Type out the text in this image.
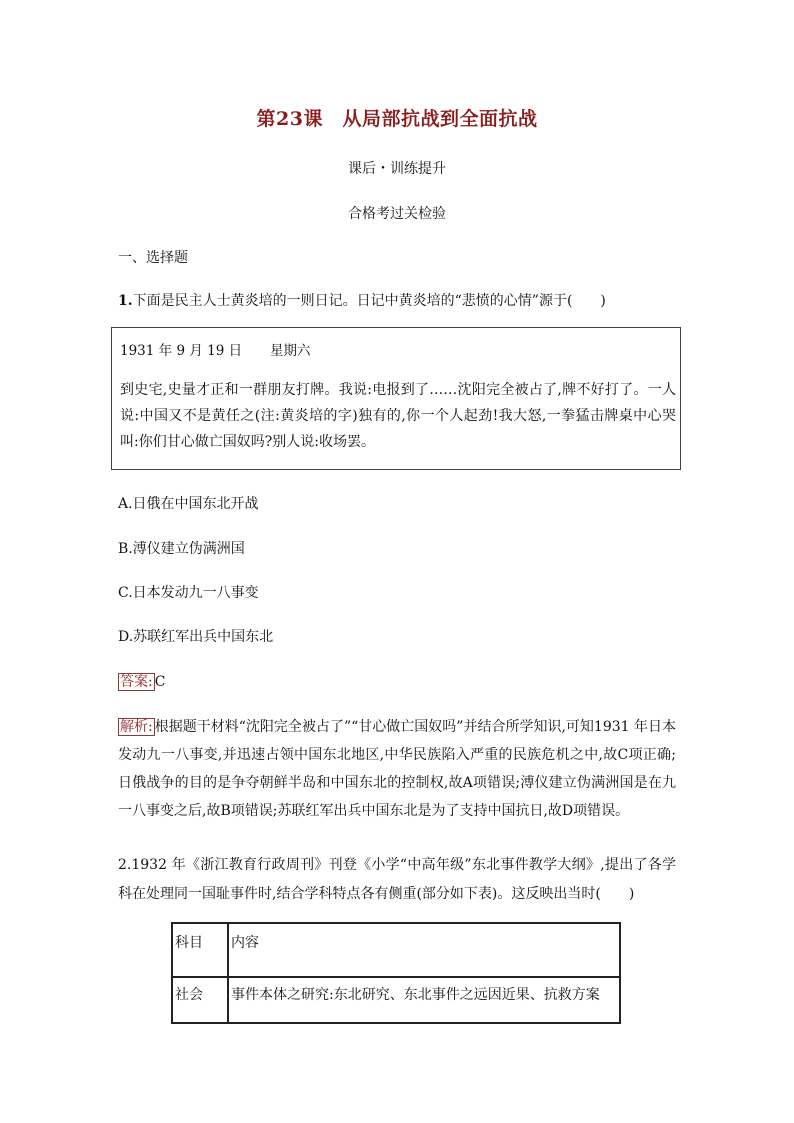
第23课　从局部抗战到全面抗战
课后・训练提升
合格考过关检验
一、选择题
1.下面是民主人士黄炎培的一则日记。日记中黄炎培的“悲愤的心情”源于(　　)
1931 年 9 月 19 日 星期六
到史宅,史量才正和一群朋友打牌。我说:电报到了……沈阳完全被占了,牌不好打了。一人说:中国又不是黄任之(注:黄炎培的字)独有的,你一个人起劲!我大怒,一拳猛击牌桌中心哭叫:你们甘心做亡国奴吗?别人说:收场罢。
A.日俄在中国东北开战
B.溥仪建立伪满洲国
C.日本发动九一八事变
D.苏联红军出兵中国东北
答案: C
解析: 根据题干材料“沈阳完全被占了”“甘心做亡国奴吗”并结合所学知识,可知1931 年日本发动九一八事变,并迅速占领中国东北地区,中华民族陷入严重的民族危机之中,故C项正确;日俄战争的目的是争夺朝鲜半岛和中国东北的控制权,故A项错误;溥仪建立伪满洲国是在九一八事变之后,故B项错误;苏联红军出兵中国东北是为了支持中国抗日,故D项错误。
2.1932 年《浙江教育行政周刊》刊登《小学“中高年级”东北事件教学大纲》,提出了各学科在处理同一国耻事件时,结合学科特点各有侧重(部分如下表)。这反映出当时(　　)
科目	内容
社会	事件本体之研究:东北研究、东北事件之远因近果、抗救方案
